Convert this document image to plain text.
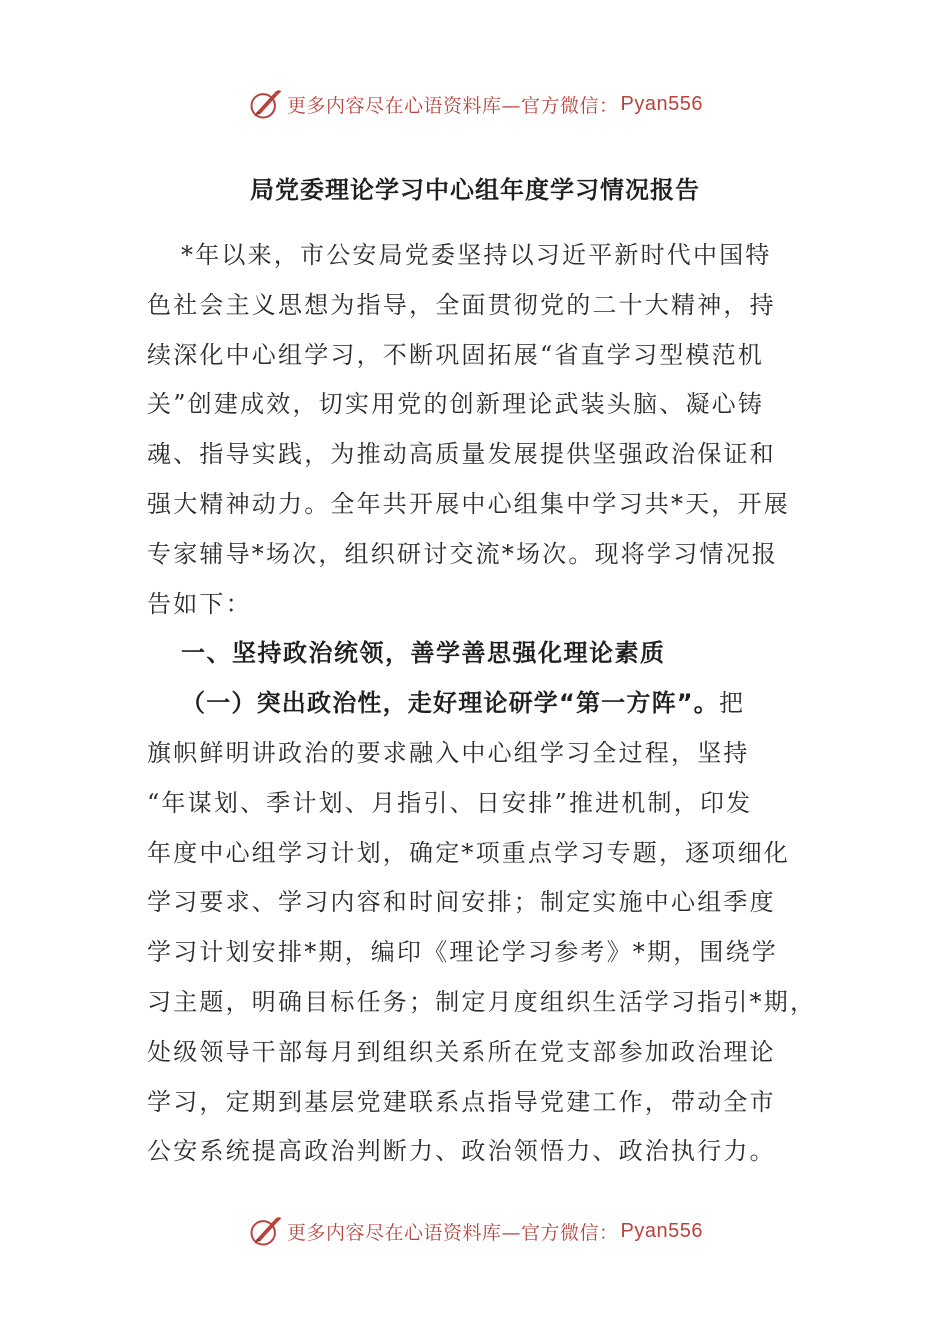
更多内容尽在心语资料库—官方微信： Pyan556
局党委理论学习中心组年度学习情况报告
*年以来，市公安局党委坚持以习近平新时代中国特
色社会主义思想为指导，全面贯彻党的二十大精神，持
续深化中心组学习，不断巩固拓展“省直学习型模范机
关”创建成效，切实用党的创新理论武装头脑、凝心铸
魂、指导实践，为推动高质量发展提供坚强政治保证和
强大精神动力。全年共开展中心组集中学习共*天，开展
专家辅导*场次，组织研讨交流*场次。现将学习情况报
告如下：
一、坚持政治统领，善学善思强化理论素质
（一）突出政治性，走好理论研学“第一方阵”。把
旗帜鲜明讲政治的要求融入中心组学习全过程，坚持
“年谋划、季计划、月指引、日安排”推进机制，印发
年度中心组学习计划，确定*项重点学习专题，逐项细化
学习要求、学习内容和时间安排；制定实施中心组季度
学习计划安排*期，编印《理论学习参考》*期，围绕学
习主题，明确目标任务；制定月度组织生活学习指引*期，
处级领导干部每月到组织关系所在党支部参加政治理论
学习，定期到基层党建联系点指导党建工作，带动全市
公安系统提高政治判断力、政治领悟力、政治执行力。
更多内容尽在心语资料库—官方微信： Pyan556
